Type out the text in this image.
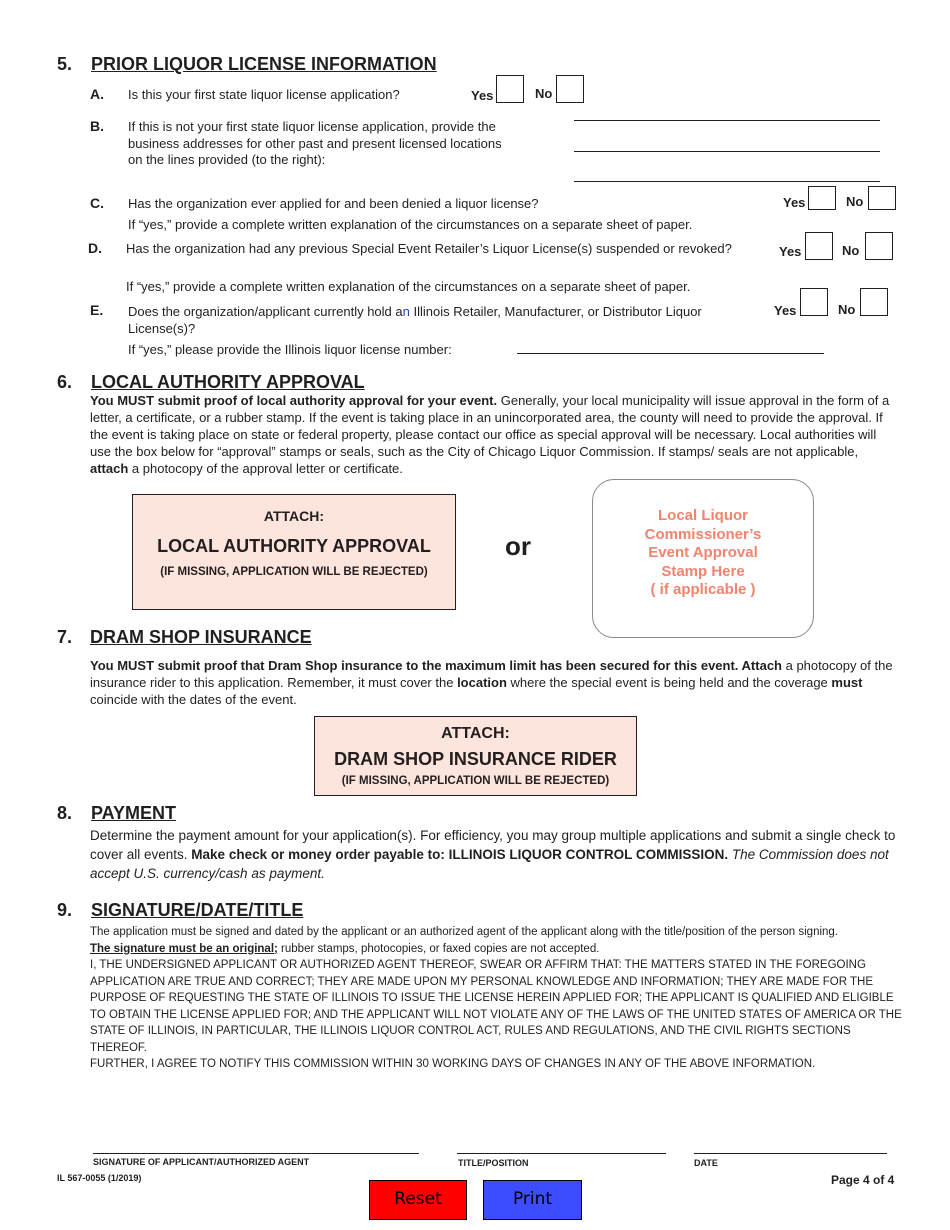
5. PRIOR LIQUOR LICENSE INFORMATION
A. Is this your first state liquor license application?	Yes	No
B. If this is not your first state liquor license application, provide the business addresses for other past and present licensed locations on the lines provided (to the right):
C. Has the organization ever applied for and been denied a liquor license?
If “yes,” provide a complete written explanation of the circumstances on a separate sheet of paper.
Yes	No
D. Has the organization had any previous Special Event Retailer’s Liquor License(s) suspended or revoked?
If “yes,” provide a complete written explanation of the circumstances on a separate sheet of paper.
Yes	No
E. Does the organization/applicant currently hold an Illinois Retailer, Manufacturer, or Distributor Liquor License(s)?
If “yes,” please provide the Illinois liquor license number:
Yes	No
6. LOCAL AUTHORITY APPROVAL
You MUST submit proof of local authority approval for your event. Generally, your local municipality will issue approval in the form of a letter, a certificate, or a rubber stamp. If the event is taking place in an unincorporated area, the county will need to provide the approval. If the event is taking place on state or federal property, please contact our office as special approval will be necessary. Local authorities will use the box below for “approval” stamps or seals, such as the City of Chicago Liquor Commission. If stamps/ seals are not applicable, attach a photocopy of the approval letter or certificate.
ATTACH:
LOCAL AUTHORITY APPROVAL
(IF MISSING, APPLICATION WILL BE REJECTED)
or
Local Liquor
Commissioner’s
Event Approval
Stamp Here
( if applicable )
7. DRAM SHOP INSURANCE
You MUST submit proof that Dram Shop insurance to the maximum limit has been secured for this event. Attach a photocopy of the insurance rider to this application. Remember, it must cover the location where the special event is being held and the coverage must coincide with the dates of the event.
ATTACH:
DRAM SHOP INSURANCE RIDER
(IF MISSING, APPLICATION WILL BE REJECTED)
8. PAYMENT
Determine the payment amount for your application(s). For efficiency, you may group multiple applications and submit a single check to cover all events. Make check or money order payable to: ILLINOIS LIQUOR CONTROL COMMISSION. The Commission does not accept U.S. currency/cash as payment.
9. SIGNATURE/DATE/TITLE
The application must be signed and dated by the applicant or an authorized agent of the applicant along with the title/position of the person signing.
The signature must be an original; rubber stamps, photocopies, or faxed copies are not accepted.
I, THE UNDERSIGNED APPLICANT OR AUTHORIZED AGENT THEREOF, SWEAR OR AFFIRM THAT: THE MATTERS STATED IN THE FOREGOING APPLICATION ARE TRUE AND CORRECT; THEY ARE MADE UPON MY PERSONAL KNOWLEDGE AND INFORMATION; THEY ARE MADE FOR THE PURPOSE OF REQUESTING THE STATE OF ILLINOIS TO ISSUE THE LICENSE HEREIN APPLIED FOR; THE APPLICANT IS QUALIFIED AND ELIGIBLE TO OBTAIN THE LICENSE APPLIED FOR; AND THE APPLICANT WILL NOT VIOLATE ANY OF THE LAWS OF THE UNITED STATES OF AMERICA OR THE STATE OF ILLINOIS, IN PARTICULAR, THE ILLINOIS LIQUOR CONTROL ACT, RULES AND REGULATIONS, AND THE CIVIL RIGHTS SECTIONS THEREOF.
FURTHER, I AGREE TO NOTIFY THIS COMMISSION WITHIN 30 WORKING DAYS OF CHANGES IN ANY OF THE ABOVE INFORMATION.
SIGNATURE OF APPLICANT/AUTHORIZED AGENT	TITLE/POSITION	DATE
IL 567-0055 (1/2019)	Page 4 of 4
Reset	Print
